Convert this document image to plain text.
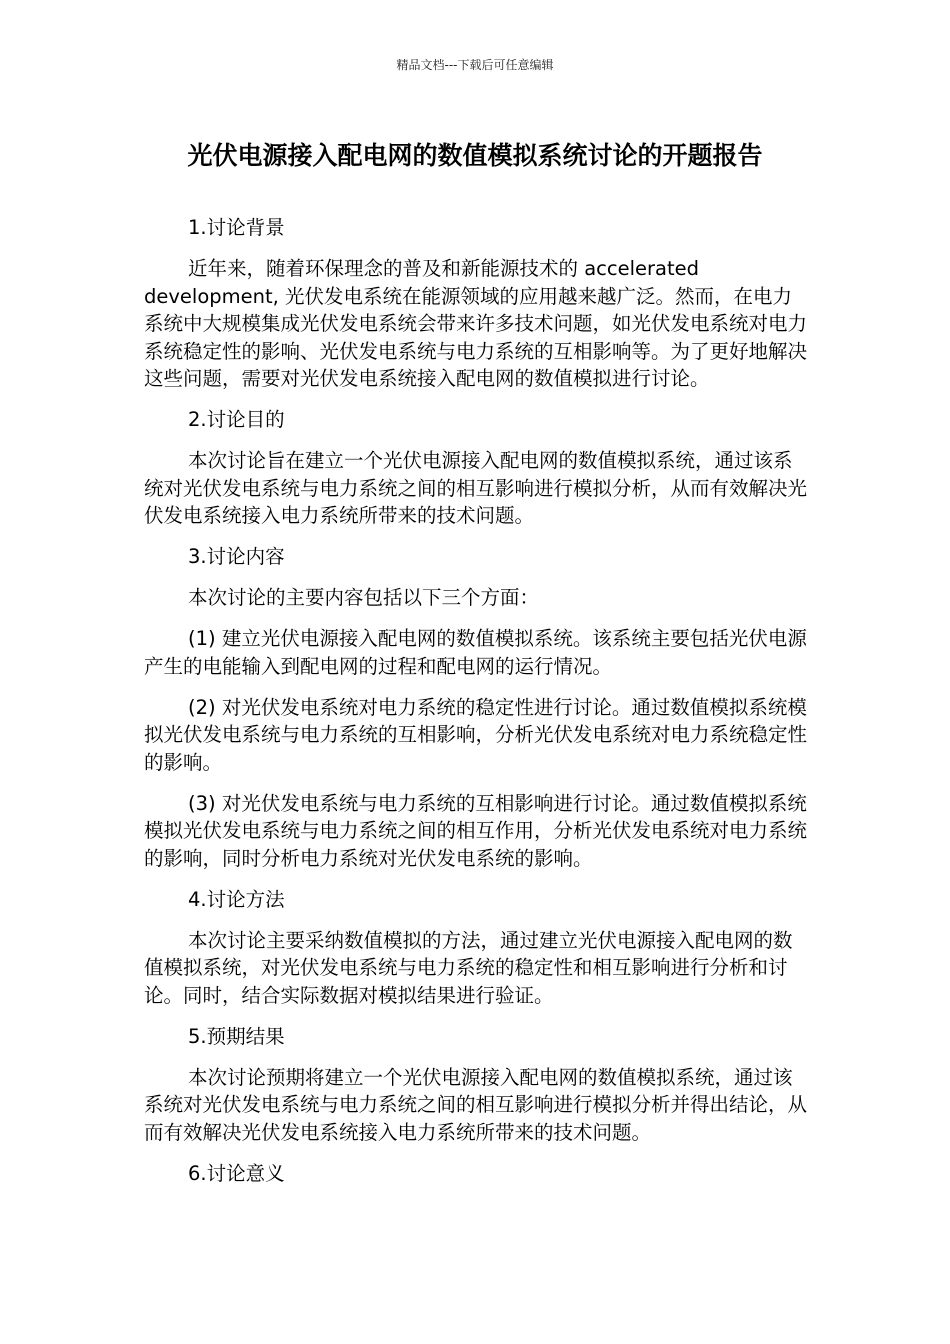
精品文档---下载后可任意编辑
光伏电源接入配电网的数值模拟系统讨论的开题报告
1.讨论背景

近年来，随着环保理念的普及和新能源技术的 accelerated development, 光伏发电系统在能源领域的应用越来越广泛。然而，在电力系统中大规模集成光伏发电系统会带来许多技术问题，如光伏发电系统对电力系统稳定性的影响、光伏发电系统与电力系统的互相影响等。为了更好地解决这些问题，需要对光伏发电系统接入配电网的数值模拟进行讨论。

2.讨论目的

本次讨论旨在建立一个光伏电源接入配电网的数值模拟系统，通过该系统对光伏发电系统与电力系统之间的相互影响进行模拟分析，从而有效解决光伏发电系统接入电力系统所带来的技术问题。

3.讨论内容

本次讨论的主要内容包括以下三个方面：

(1) 建立光伏电源接入配电网的数值模拟系统。该系统主要包括光伏电源产生的电能输入到配电网的过程和配电网的运行情况。

(2) 对光伏发电系统对电力系统的稳定性进行讨论。通过数值模拟系统模拟光伏发电系统与电力系统的互相影响，分析光伏发电系统对电力系统稳定性的影响。

(3) 对光伏发电系统与电力系统的互相影响进行讨论。通过数值模拟系统模拟光伏发电系统与电力系统之间的相互作用，分析光伏发电系统对电力系统的影响，同时分析电力系统对光伏发电系统的影响。

4.讨论方法

本次讨论主要采纳数值模拟的方法，通过建立光伏电源接入配电网的数值模拟系统，对光伏发电系统与电力系统的稳定性和相互影响进行分析和讨论。同时，结合实际数据对模拟结果进行验证。

5.预期结果

本次讨论预期将建立一个光伏电源接入配电网的数值模拟系统，通过该系统对光伏发电系统与电力系统之间的相互影响进行模拟分析并得出结论，从而有效解决光伏发电系统接入电力系统所带来的技术问题。

6.讨论意义
